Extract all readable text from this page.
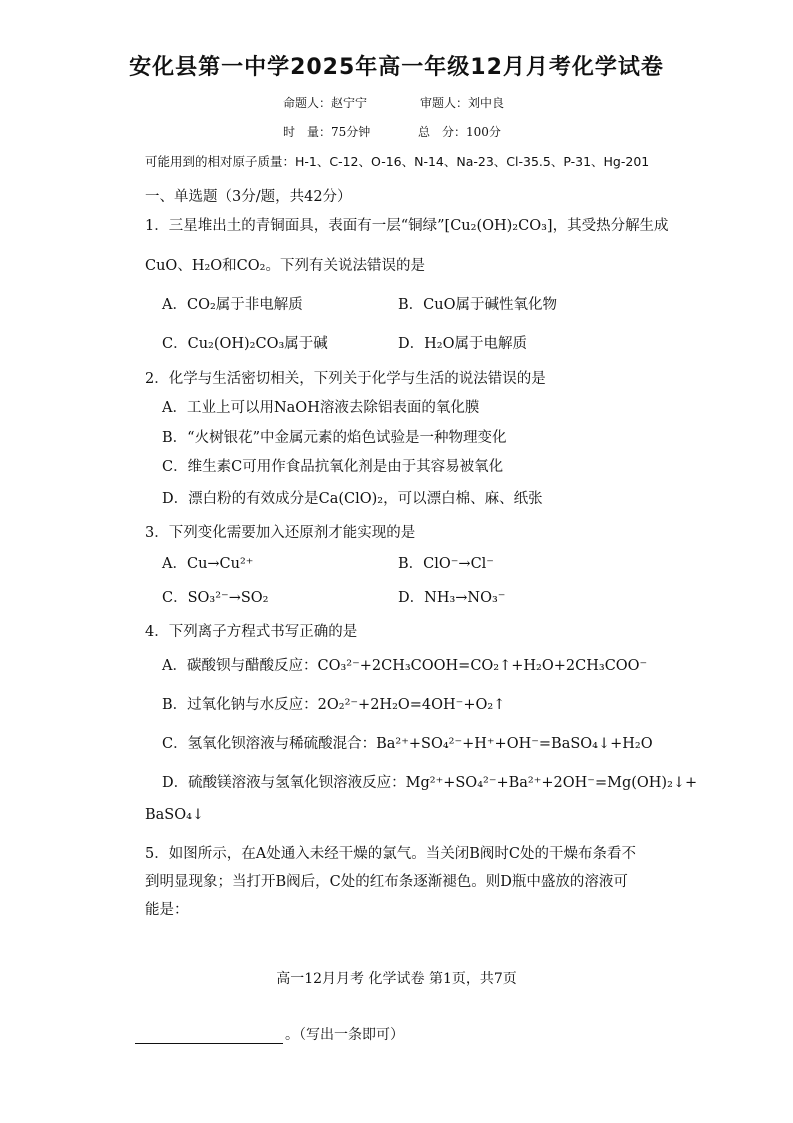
安化县第一中学2025年高一年级12月月考化学试卷
命题人：赵宁宁	审题人：刘中良
时　量：75分钟	总　分：100分
可能用到的相对原子质量：H-1、C-12、O-16、N-14、Na-23、Cl-35.5、P-31、Hg-201
一、单选题（3分/题，共42分）
1．三星堆出土的青铜面具，表面有一层“铜绿”[Cu₂(OH)₂CO₃]，其受热分解生成
CuO、H₂O和CO₂。下列有关说法错误的是
A．CO₂属于非电解质	B．CuO属于碱性氧化物
C．Cu₂(OH)₂CO₃属于碱	D．H₂O属于电解质
2．化学与生活密切相关，下列关于化学与生活的说法错误的是
A．工业上可以用NaOH溶液去除铝表面的氧化膜
B．“火树银花”中金属元素的焰色试验是一种物理变化
C．维生素C可用作食品抗氧化剂是由于其容易被氧化
D．漂白粉的有效成分是Ca(ClO)₂，可以漂白棉、麻、纸张
3．下列变化需要加入还原剂才能实现的是
A．Cu→Cu²⁺	B．ClO⁻→Cl⁻
C．SO₃²⁻→SO₂	D．NH₃→NO₃⁻
4．下列离子方程式书写正确的是
A．碳酸钡与醋酸反应：CO₃²⁻+2CH₃COOH=CO₂↑+H₂O+2CH₃COO⁻
B．过氧化钠与水反应：2O₂²⁻+2H₂O=4OH⁻+O₂↑
C．氢氧化钡溶液与稀硫酸混合：Ba²⁺+SO₄²⁻+H⁺+OH⁻=BaSO₄↓+H₂O
D．硫酸镁溶液与氢氧化钡溶液反应：Mg²⁺+SO₄²⁻+Ba²⁺+2OH⁻=Mg(OH)₂↓+
BaSO₄↓
5．如图所示，在A处通入未经干燥的氯气。当关闭B阀时C处的干燥布条看不
到明显现象；当打开B阀后，C处的红布条逐渐褪色。则D瓶中盛放的溶液可
能是：
高一12月月考 化学试卷 第1页，共7页
。（写出一条即可）
